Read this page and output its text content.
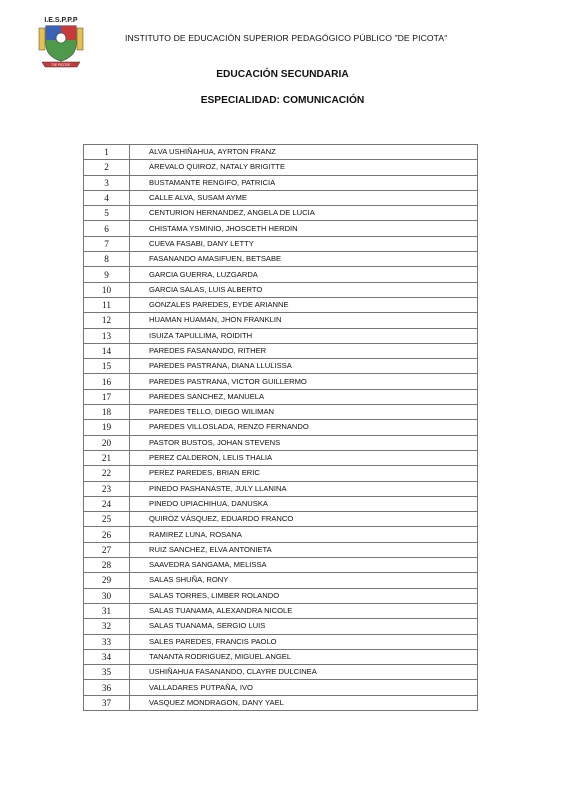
I.E.S.P.P.P
"DE PICOTA"
INSTITUTO DE EDUCACIÓN SUPERIOR PEDAGÓGICO PÚBLICO "DE PICOTA"
EDUCACIÓN SECUNDARIA
ESPECIALIDAD: COMUNICACIÓN
1	ALVA USHIÑAHUA, AYRTON FRANZ
2	AREVALO QUIROZ, NATALY BRIGITTE
3	BUSTAMANTE RENGIFO, PATRICIA
4	CALLE ALVA, SUSAM AYME
5	CENTURION HERNANDEZ, ANGELA DE LUCIA
6	CHISTAMA YSMINIO, JHOSCETH HERDIN
7	CUEVA FASABI, DANY LETTY
8	FASANANDO AMASIFUEN, BETSABE
9	GARCIA GUERRA, LUZGARDA
10	GARCIA SALAS, LUIS ALBERTO
11	GONZALES PAREDES, EYDE ARIANNE
12	HUAMAN HUAMAN, JHON FRANKLIN
13	ISUIZA TAPULLIMA, ROIDITH
14	PAREDES FASANANDO, RITHER
15	PAREDES PASTRANA, DIANA LLULISSA
16	PAREDES PASTRANA, VICTOR GUILLERMO
17	PAREDES SANCHEZ, MANUELA
18	PAREDES TELLO, DIEGO WILIMAN
19	PAREDES VILLOSLADA, RENZO FERNANDO
20	PASTOR BUSTOS, JOHAN STEVENS
21	PEREZ CALDERON, LELIS THALIA
22	PEREZ PAREDES, BRIAN ERIC
23	PINEDO PASHANASTE, JULY LLANINA
24	PINEDO UPIACHIHUA, DANUSKA
25	QUIRÓZ VÁSQUEZ, EDUARDO FRANCO
26	RAMIREZ LUNA, ROSANA
27	RUIZ SANCHEZ, ELVA ANTONIETA
28	SAAVEDRA SANGAMA, MELISSA
29	SALAS SHUÑA, RONY
30	SALAS TORRES, LIMBER ROLANDO
31	SALAS TUANAMA, ALEXANDRA NICOLE
32	SALAS TUANAMA, SERGIO LUIS
33	SALES PAREDES, FRANCIS PAOLO
34	TANANTA RODRIGUEZ, MIGUEL ANGEL
35	USHIÑAHUA FASANANDO, CLAYRE DULCINEA
36	VALLADARES PUTPAÑA, IVO
37	VASQUEZ MONDRAGON, DANY YAEL
